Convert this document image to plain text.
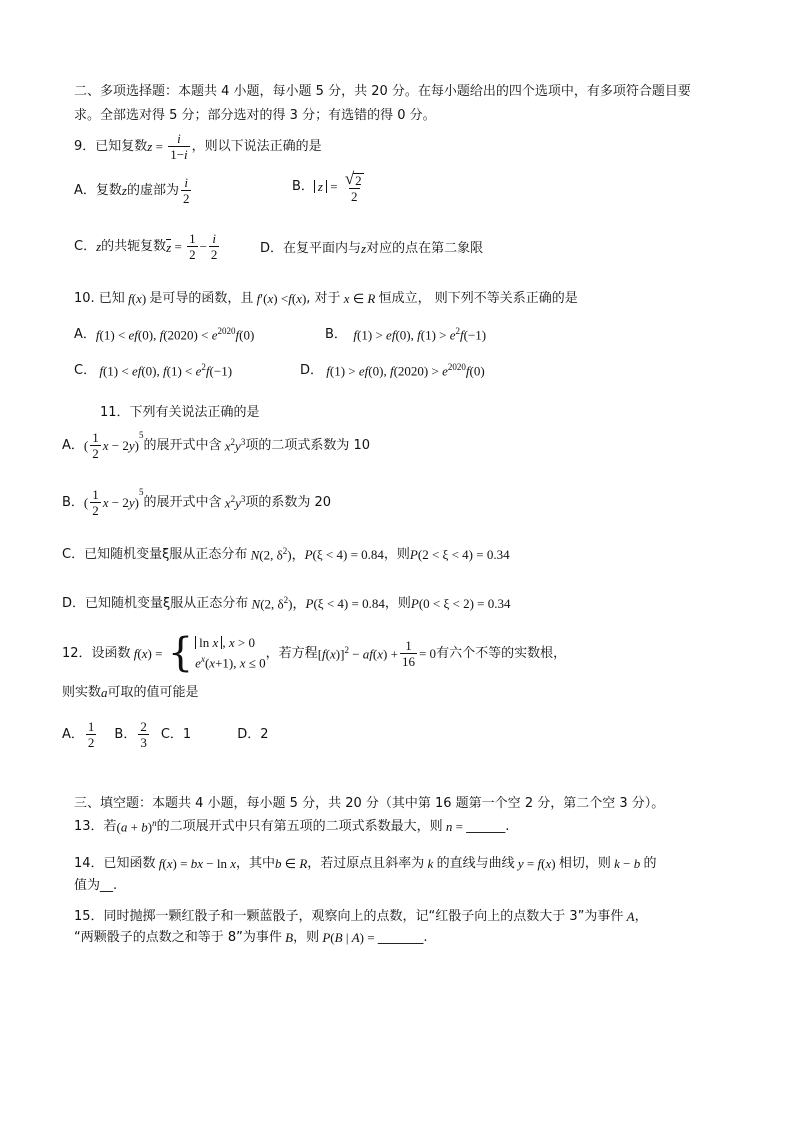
二、多项选择题：本题共 4 小题，每小题 5 分，共 20 分。在每小题给出的四个选项中，有多项符合题目要
求。全部选对得 5 分；部分选对的得 3 分；有选错的得 0 分。
9．已知复数 $z = \frac{i}{1-i}$ ，则以下说法正确的是
A．复数 z 的虚部为 $\frac{i}{2}$	B． $z = \frac{√ 2}{2}$
C． z 的共轭复数 $z = \frac{1}{2} - \frac{i}{2}$	D．在复平面内与 z 对应的点在第二象限
10. 已知 f ( x ) 是可导的函数，且 f ′( x ) < f ( x ) , 对于 x ∈ R 恒成立， 则下列不等关系正确的是
A． f(1) < ef(0), $f(2020) < e^{2020}f(0)$	B． f(1) > ef(0), $f(1) > e^2f(-1)$
C． f(1) < ef(0), $f(1) < e^2f(-1)$	D． f(1) > ef(0), $f(2020) > e^{2020}f(0)$
11．下列有关说法正确的是
A． ( $\frac{1}{2}$ x − 2 y )
$^5$
的展开式中含 $x^2y^3$ 项的二项式系数为 10
B． ( $\frac{1}{2}$ x − 2 y )
$^5$
的展开式中含 $x^2y^3$ 项的系数为 20
C．已知随机变量ξ服从正态分布 N(2, $\delta^2$) ，P(ξ < 4) = 0.84 ，则 P(2 < ξ < 4) = 0.34
D．已知随机变量ξ服从正态分布 N(2, $\delta^2$) ，P(ξ < 4) = 0.84 ，则 P(0 < ξ < 2) = 0.34
12．设函数 f(x) = { ln x , x > 0
$e^x(x+1)$, x ≤ 0
，若方程 $[f(x)]^2 - af(x) + \frac{1}{16} = 0$ 有六个不等的实数根，
则实数 a 可取的值可能是
A． $\frac{1}{2}$ B． $\frac{2}{3}$ C．1	D．2
三、填空题：本题共 4 小题，每小题 5 分，共 20 分（其中第 16 题第一个空 2 分，第二个空 3 分）。
13．若 $(a + b)^n$ 的二项展开式中只有第五项的二项式系数最大，则 n = ______.
14．已知函数 f(x) = bx − ln x ，其中 b ∈ R ，若过原点且斜率为 k 的直线与曲线 y = f(x) 相切，则 k − b 的
值为__.
15．同时抛掷一颗红骰子和一颗蓝骰子，观察向上的点数，记“红骰子向上的点数大于 3”为事件 A ，
“两颗骰子的点数之和等于 8”为事件 B ，则 P(B | A) = _______.
